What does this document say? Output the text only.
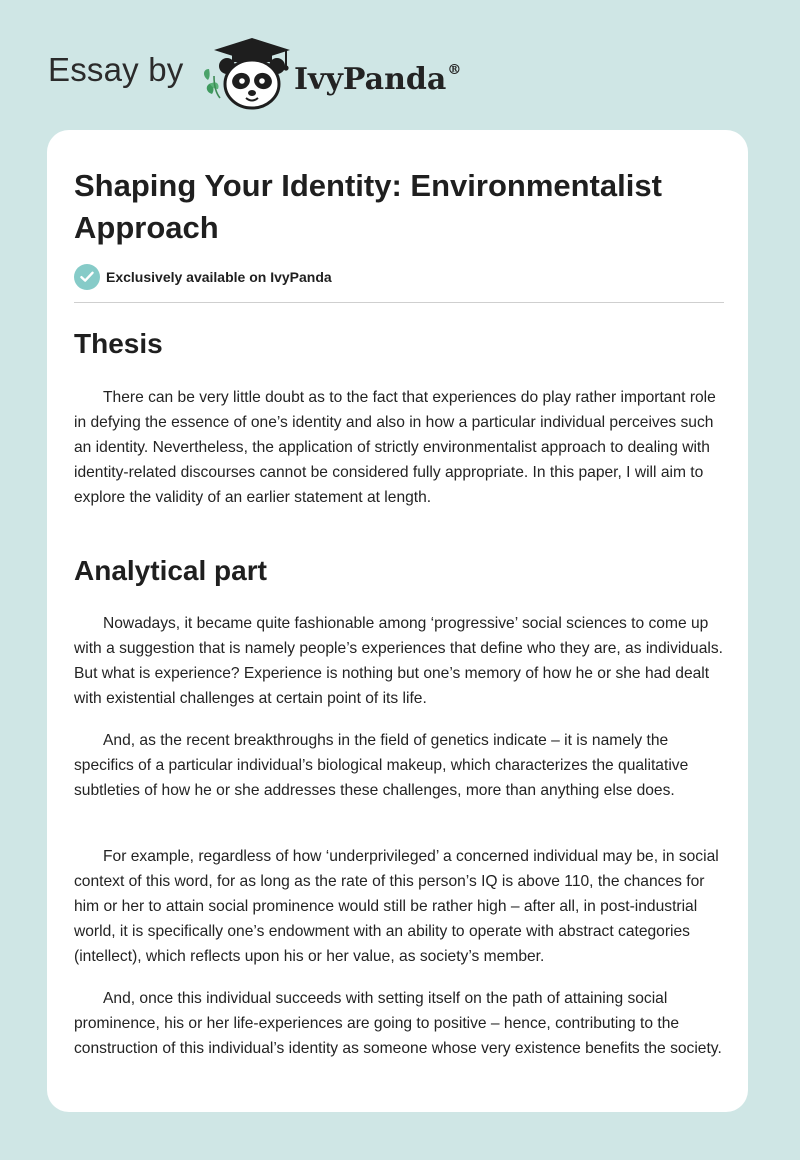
Essay by	IvyPanda®
Shaping Your Identity: Environmentalist Approach
Exclusively available on IvyPanda
Thesis

There can be very little doubt as to the fact that experiences do play rather important role in defying the essence of one’s identity and also in how a particular individual perceives such an identity. Nevertheless, the application of strictly environmentalist approach to dealing with identity-related discourses cannot be considered fully appropriate. In this paper, I will aim to explore the validity of an earlier statement at length.

Analytical part

Nowadays, it became quite fashionable among ‘progressive’ social sciences to come up with a suggestion that is namely people’s experiences that define who they are, as individuals. But what is experience? Experience is nothing but one’s memory of how he or she had dealt with existential challenges at certain point of its life.

And, as the recent breakthroughs in the field of genetics indicate – it is namely the specifics of a particular individual’s biological makeup, which characterizes the qualitative subtleties of how he or she addresses these challenges, more than anything else does.

For example, regardless of how ‘underprivileged’ a concerned individual may be, in social context of this word, for as long as the rate of this person’s IQ is above 110, the chances for him or her to attain social prominence would still be rather high – after all, in post-industrial world, it is specifically one’s endowment with an ability to operate with abstract categories (intellect), which reflects upon his or her value, as society’s member.

And, once this individual succeeds with setting itself on the path of attaining social prominence, his or her life-experiences are going to positive – hence, contributing to the construction of this individual’s identity as someone whose very existence benefits the society.
